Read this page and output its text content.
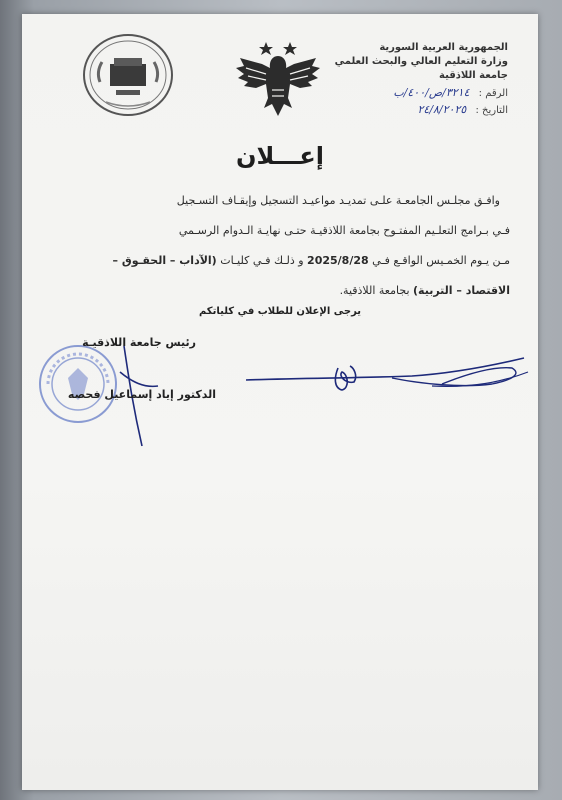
الجمهورية العربية السورية
وزارة التعليم العالي والبحث العلمي
جامعة اللاذقية
الرقم : ٣٢١٤/ص/٤٠٠/ب
التاريخ : ٢٤/٨/٢٠٢٥
إعـــلان
وافـق مجلـس الجامعـة علـى تمديـد مواعيـد التسجيل وإيقـاف التسـجيل
فـي بـرامج التعلـيم المفتـوح بجامعة اللاذقيـة حتـى نهايـة الـدوام الرسـمي
مـن يـوم الخمـيس الواقـع فـي 2025/8/28 و ذلـك فـي كليـات (الآداب – الحقـوق –
الاقتصاد – التربية) بجامعة اللاذقية.
يرجى الإعلان للطلاب في كلياتكم
رئيس جامعة اللاذقيـة
الدكتور إياد إسماعيل فحصه
